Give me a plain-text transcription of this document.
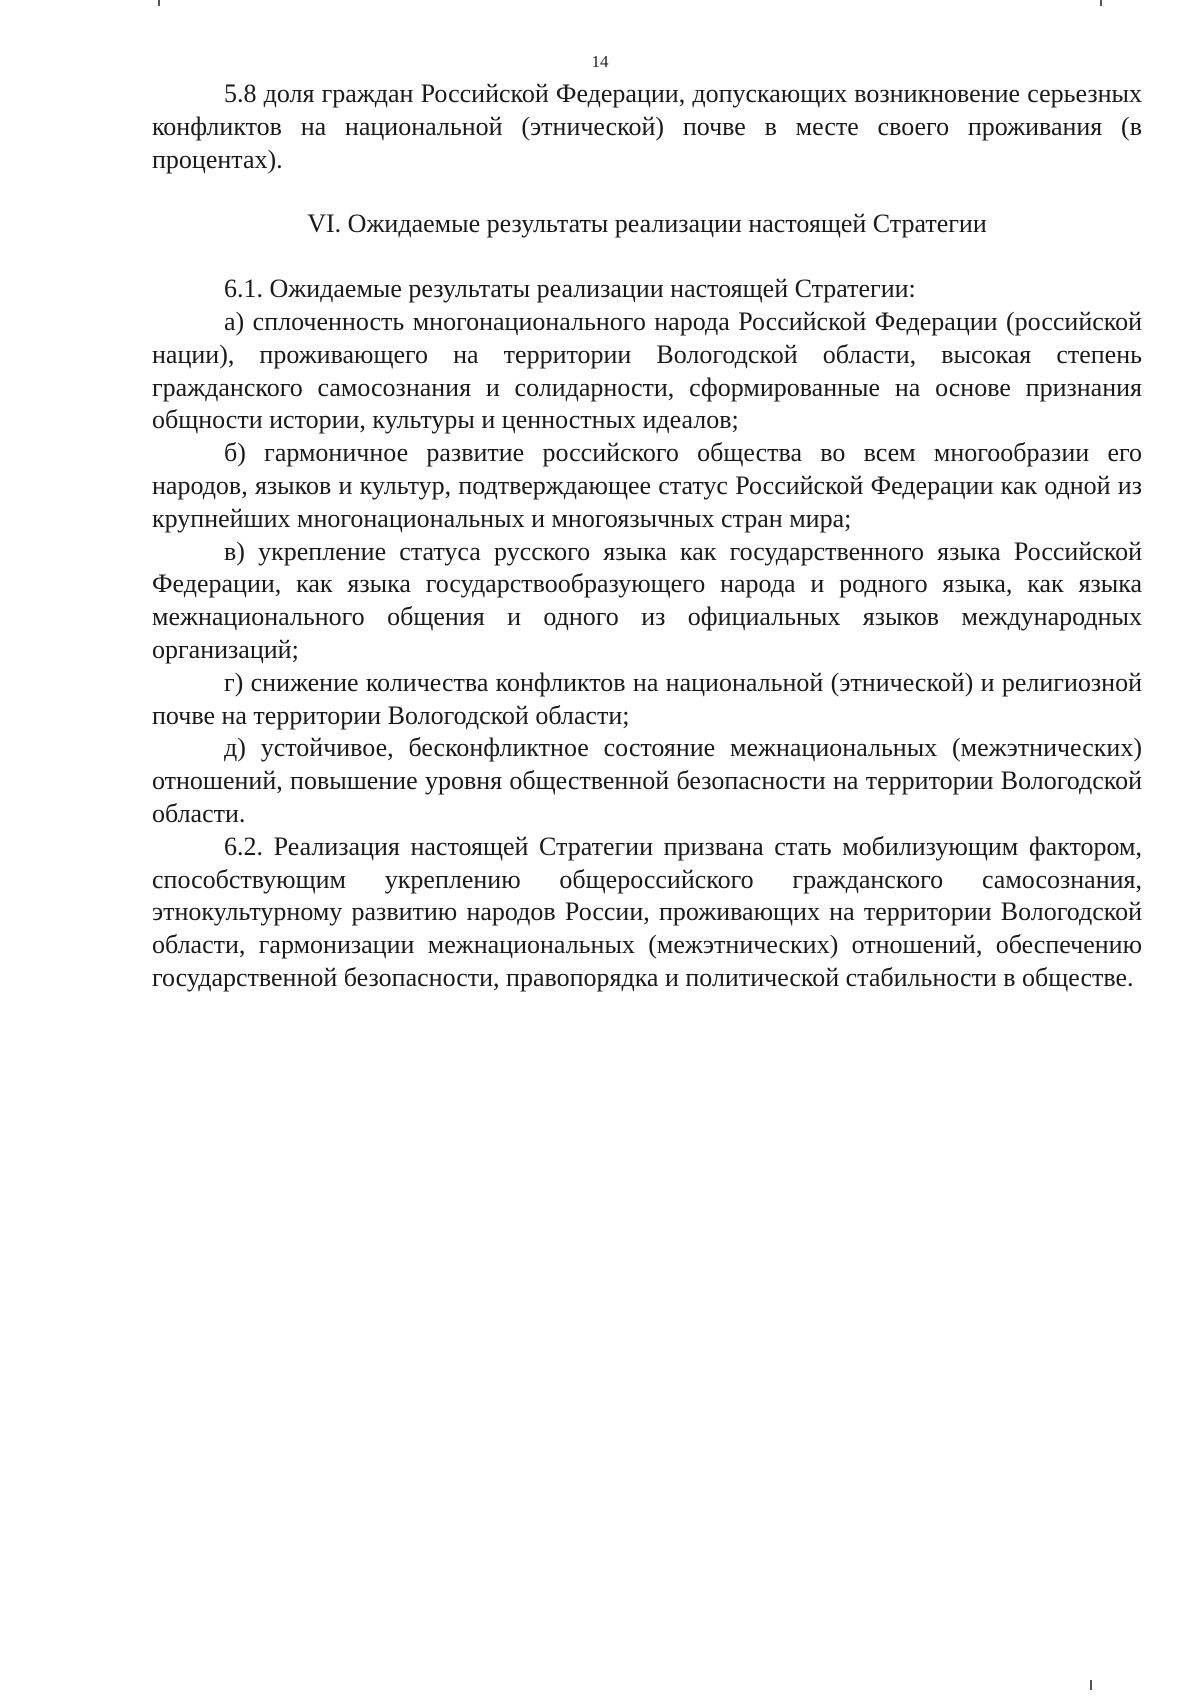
14

5.8 доля граждан Российской Федерации, допускающих возникновение серьезных конфликтов на национальной (этнической) почве в месте своего проживания (в процентах).

VI. Ожидаемые результаты реализации настоящей Стратегии

6.1. Ожидаемые результаты реализации настоящей Стратегии:

а) сплоченность многонационального народа Российской Федерации (российской нации), проживающего на территории Вологодской области, высокая степень гражданского самосознания и солидарности, сформированные на основе признания общности истории, культуры и ценностных идеалов;

б) гармоничное развитие российского общества во всем многообразии его народов, языков и культур, подтверждающее статус Российской Федерации как одной из крупнейших многонациональных и многоязычных стран мира;

в) укрепление статуса русского языка как государственного языка Российской Федерации, как языка государствообразующего народа и родного языка, как языка межнационального общения и одного из официальных языков международных организаций;

г) снижение количества конфликтов на национальной (этнической) и религиозной почве на территории Вологодской области;

д) устойчивое, бесконфликтное состояние межнациональных (межэтнических) отношений, повышение уровня общественной безопасности на территории Вологодской области.

6.2. Реализация настоящей Стратегии призвана стать мобилизующим фактором, способствующим укреплению общероссийского гражданского самосознания, этнокультурному развитию народов России, проживающих на территории Вологодской области, гармонизации межнациональных (межэтнических) отношений, обеспечению государственной безопасности, правопорядка и политической стабильности в обществе.
